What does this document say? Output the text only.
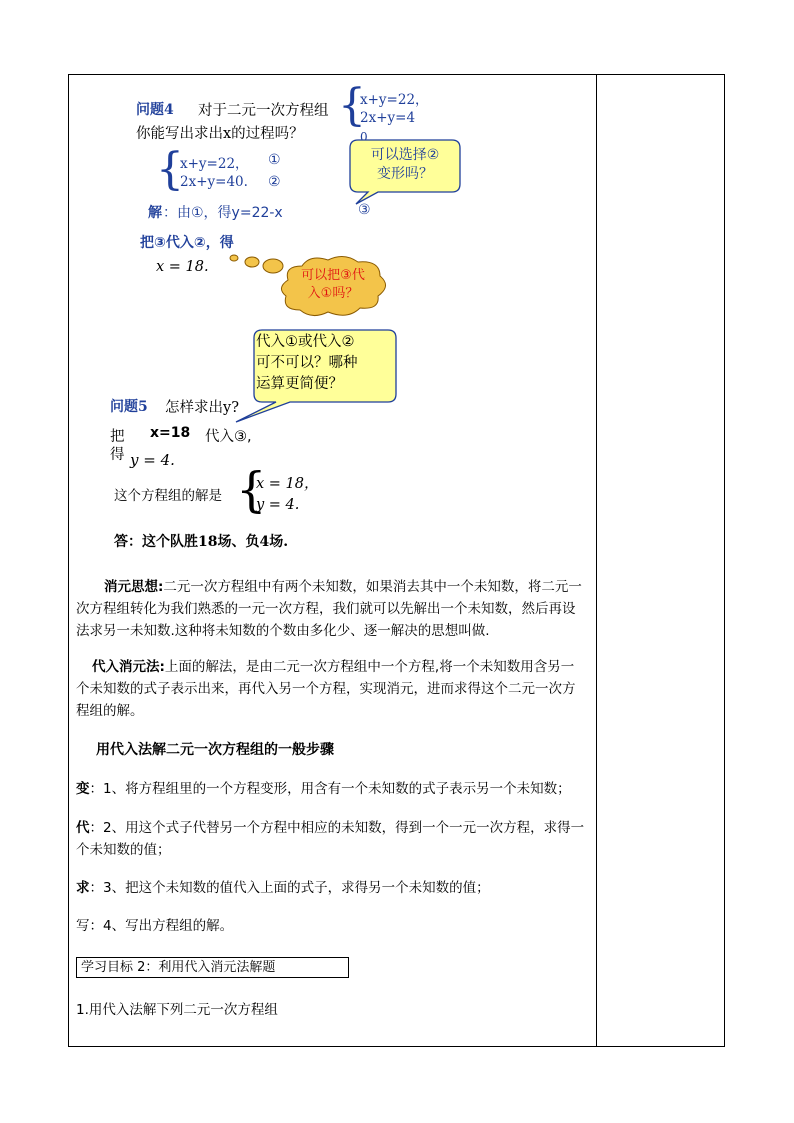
问题4 对于二元一次方程组 {
x+y=22，
2x+y=4
0
你能写出求出x的过程吗？
{
x+y=22， ①
2x+y=40. ②
可以选择②
变形吗？
解 ：由①，得y=22-x	③
把③代入②，得
x = 18.
可以把③代
入①吗？
代入①或代入②
可不可以？哪种
运算更简便？
问题5 怎样求出y?
把 x=18 代入③,
得 y = 4.
这个方程组的解是 {
x = 18，
y = 4.
答：这个队胜18场、负4场.

消元思想:二元一次方程组中有两个未知数，如果消去其中一个未知数，将二元一次方程组转化为我们熟悉的一元一次方程，我们就可以先解出一个未知数，然后再设法求另一未知数.这种将未知数的个数由多化少、逐一解决的思想叫做.

代入消元法:上面的解法，是由二元一次方程组中一个方程,将一个未知数用含另一个未知数的式子表示出来，再代入另一个方程，实现消元，进而求得这个二元一次方程组的解。

用代入法解二元一次方程组的一般步骤

变：1、将方程组里的一个方程变形，用含有一个未知数的式子表示另一个未知数；

代：2、用这个式子代替另一个方程中相应的未知数，得到一个一元一次方程，求得一个未知数的值；

求：3、把这个未知数的值代入上面的式子，求得另一个未知数的值；

写：4、写出方程组的解。

学习目标 2：利用代入消元法解题
1.用代入法解下列二元一次方程组
